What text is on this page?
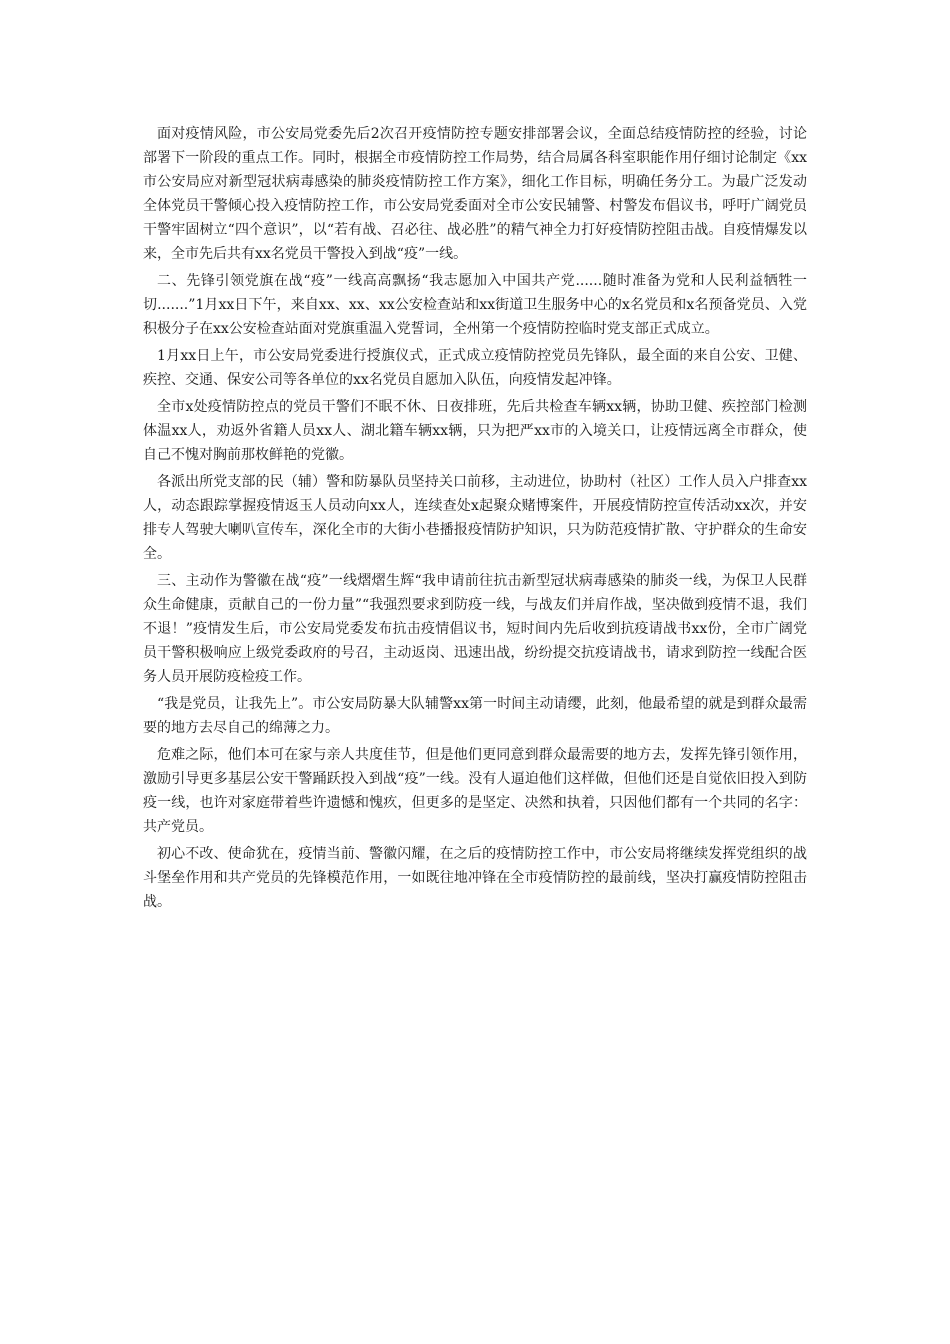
面对疫情风险，市公安局党委先后2次召开疫情防控专题安排部署会议，全面总结疫情防控的经验，讨论部署下一阶段的重点工作。同时，根据全市疫情防控工作局势，结合局属各科室职能作用仔细讨论制定《xx市公安局应对新型冠状病毒感染的肺炎疫情防控工作方案》，细化工作目标，明确任务分工。为最广泛发动全体党员干警倾心投入疫情防控工作，市公安局党委面对全市公安民辅警、村警发布倡议书，呼吁广阔党员干警牢固树立“四个意识”，以“若有战、召必往、战必胜”的精气神全力打好疫情防控阻击战。自疫情爆发以来，全市先后共有xx名党员干警投入到战“疫”一线。

二、先锋引领党旗在战“疫”一线高高飘扬“我志愿加入中国共产党......随时准备为党和人民利益牺牲一切.......”1月xx日下午，来自xx、xx、xx公安检查站和xx街道卫生服务中心的x名党员和x名预备党员、入党积极分子在xx公安检查站面对党旗重温入党誓词，全州第一个疫情防控临时党支部正式成立。

1月xx日上午，市公安局党委进行授旗仪式，正式成立疫情防控党员先锋队，最全面的来自公安、卫健、疾控、交通、保安公司等各单位的xx名党员自愿加入队伍，向疫情发起冲锋。

全市x处疫情防控点的党员干警们不眠不休、日夜排班，先后共检查车辆xx辆，协助卫健、疾控部门检测体温xx人，劝返外省籍人员xx人、湖北籍车辆xx辆，只为把严xx市的入境关口，让疫情远离全市群众，使自己不愧对胸前那枚鲜艳的党徽。

各派出所党支部的民（辅）警和防暴队员坚持关口前移，主动进位，协助村（社区）工作人员入户排查xx人，动态跟踪掌握疫情返玉人员动向xx人，连续查处x起聚众赌博案件，开展疫情防控宣传活动xx次，并安排专人驾驶大喇叭宣传车，深化全市的大街小巷播报疫情防护知识，只为防范疫情扩散、守护群众的生命安全。

三、主动作为警徽在战“疫”一线熠熠生辉“我申请前往抗击新型冠状病毒感染的肺炎一线，为保卫人民群众生命健康，贡献自己的一份力量”“我强烈要求到防疫一线，与战友们并肩作战，坚决做到疫情不退，我们不退！”疫情发生后，市公安局党委发布抗击疫情倡议书，短时间内先后收到抗疫请战书xx份，全市广阔党员干警积极响应上级党委政府的号召，主动返岗、迅速出战，纷纷提交抗疫请战书，请求到防控一线配合医务人员开展防疫检疫工作。

“我是党员，让我先上”。市公安局防暴大队辅警xx第一时间主动请缨，此刻，他最希望的就是到群众最需要的地方去尽自己的绵薄之力。

危难之际，他们本可在家与亲人共度佳节，但是他们更同意到群众最需要的地方去，发挥先锋引领作用，激励引导更多基层公安干警踊跃投入到战“疫”一线。没有人逼迫他们这样做，但他们还是自觉依旧投入到防疫一线，也许对家庭带着些许遗憾和愧疚，但更多的是坚定、决然和执着，只因他们都有一个共同的名字：共产党员。

初心不改、使命犹在，疫情当前、警徽闪耀，在之后的疫情防控工作中，市公安局将继续发挥党组织的战斗堡垒作用和共产党员的先锋模范作用，一如既往地冲锋在全市疫情防控的最前线，坚决打赢疫情防控阻击战。
